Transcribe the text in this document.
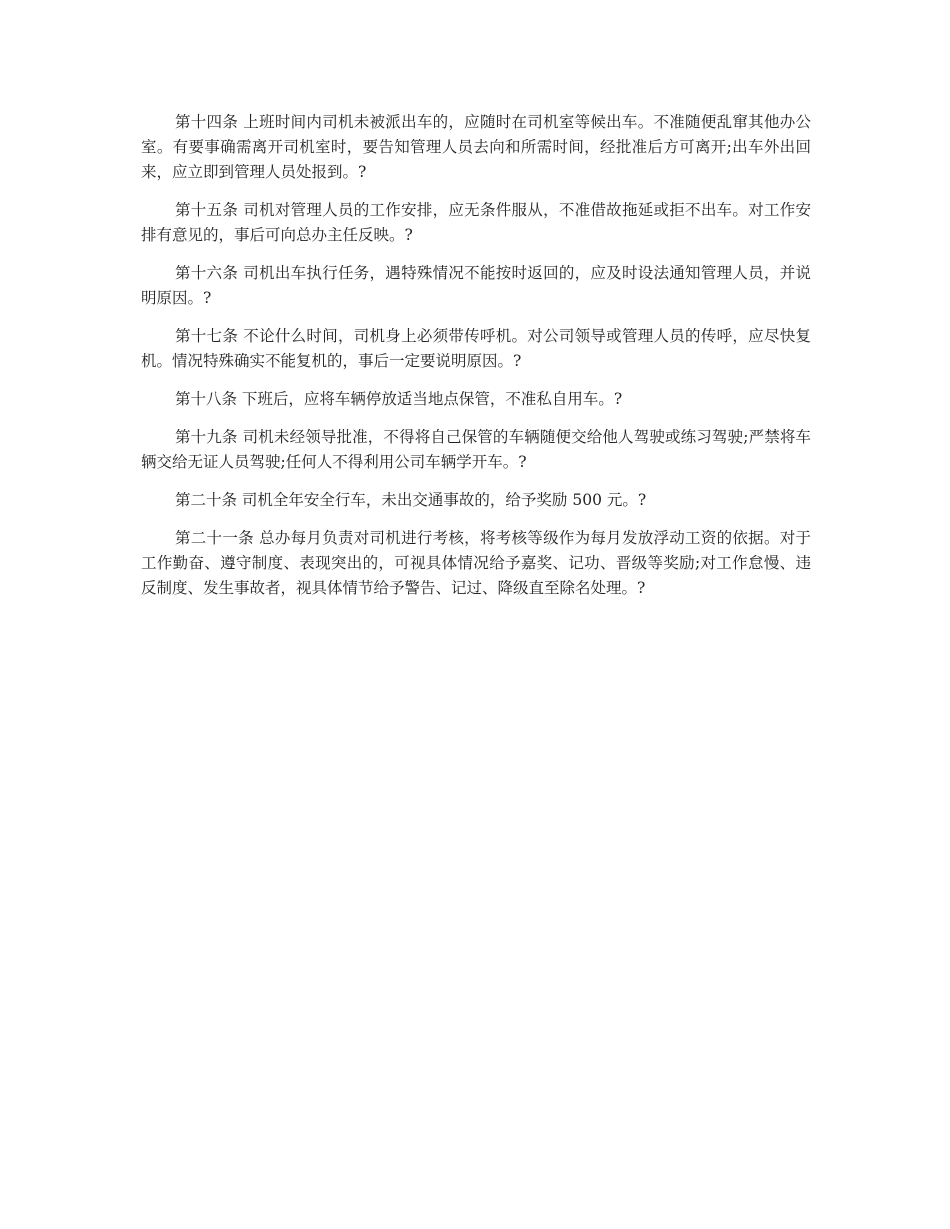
第十四条 上班时间内司机未被派出车的，应随时在司机室等候出车。不准随便乱窜其他办公室。有要事确需离开司机室时，要告知管理人员去向和所需时间，经批准后方可离开;出车外出回来，应立即到管理人员处报到。?

第十五条 司机对管理人员的工作安排，应无条件服从，不准借故拖延或拒不出车。对工作安排有意见的，事后可向总办主任反映。?

第十六条 司机出车执行任务，遇特殊情况不能按时返回的，应及时设法通知管理人员，并说明原因。?

第十七条 不论什么时间，司机身上必须带传呼机。对公司领导或管理人员的传呼，应尽快复机。情况特殊确实不能复机的，事后一定要说明原因。?

第十八条 下班后，应将车辆停放适当地点保管，不准私自用车。?

第十九条 司机未经领导批准，不得将自己保管的车辆随便交给他人驾驶或练习驾驶;严禁将车辆交给无证人员驾驶;任何人不得利用公司车辆学开车。?

第二十条 司机全年安全行车，未出交通事故的，给予奖励 500 元。?

第二十一条 总办每月负责对司机进行考核，将考核等级作为每月发放浮动工资的依据。对于工作勤奋、遵守制度、表现突出的，可视具体情况给予嘉奖、记功、晋级等奖励;对工作怠慢、违反制度、发生事故者，视具体情节给予警告、记过、降级直至除名处理。?
